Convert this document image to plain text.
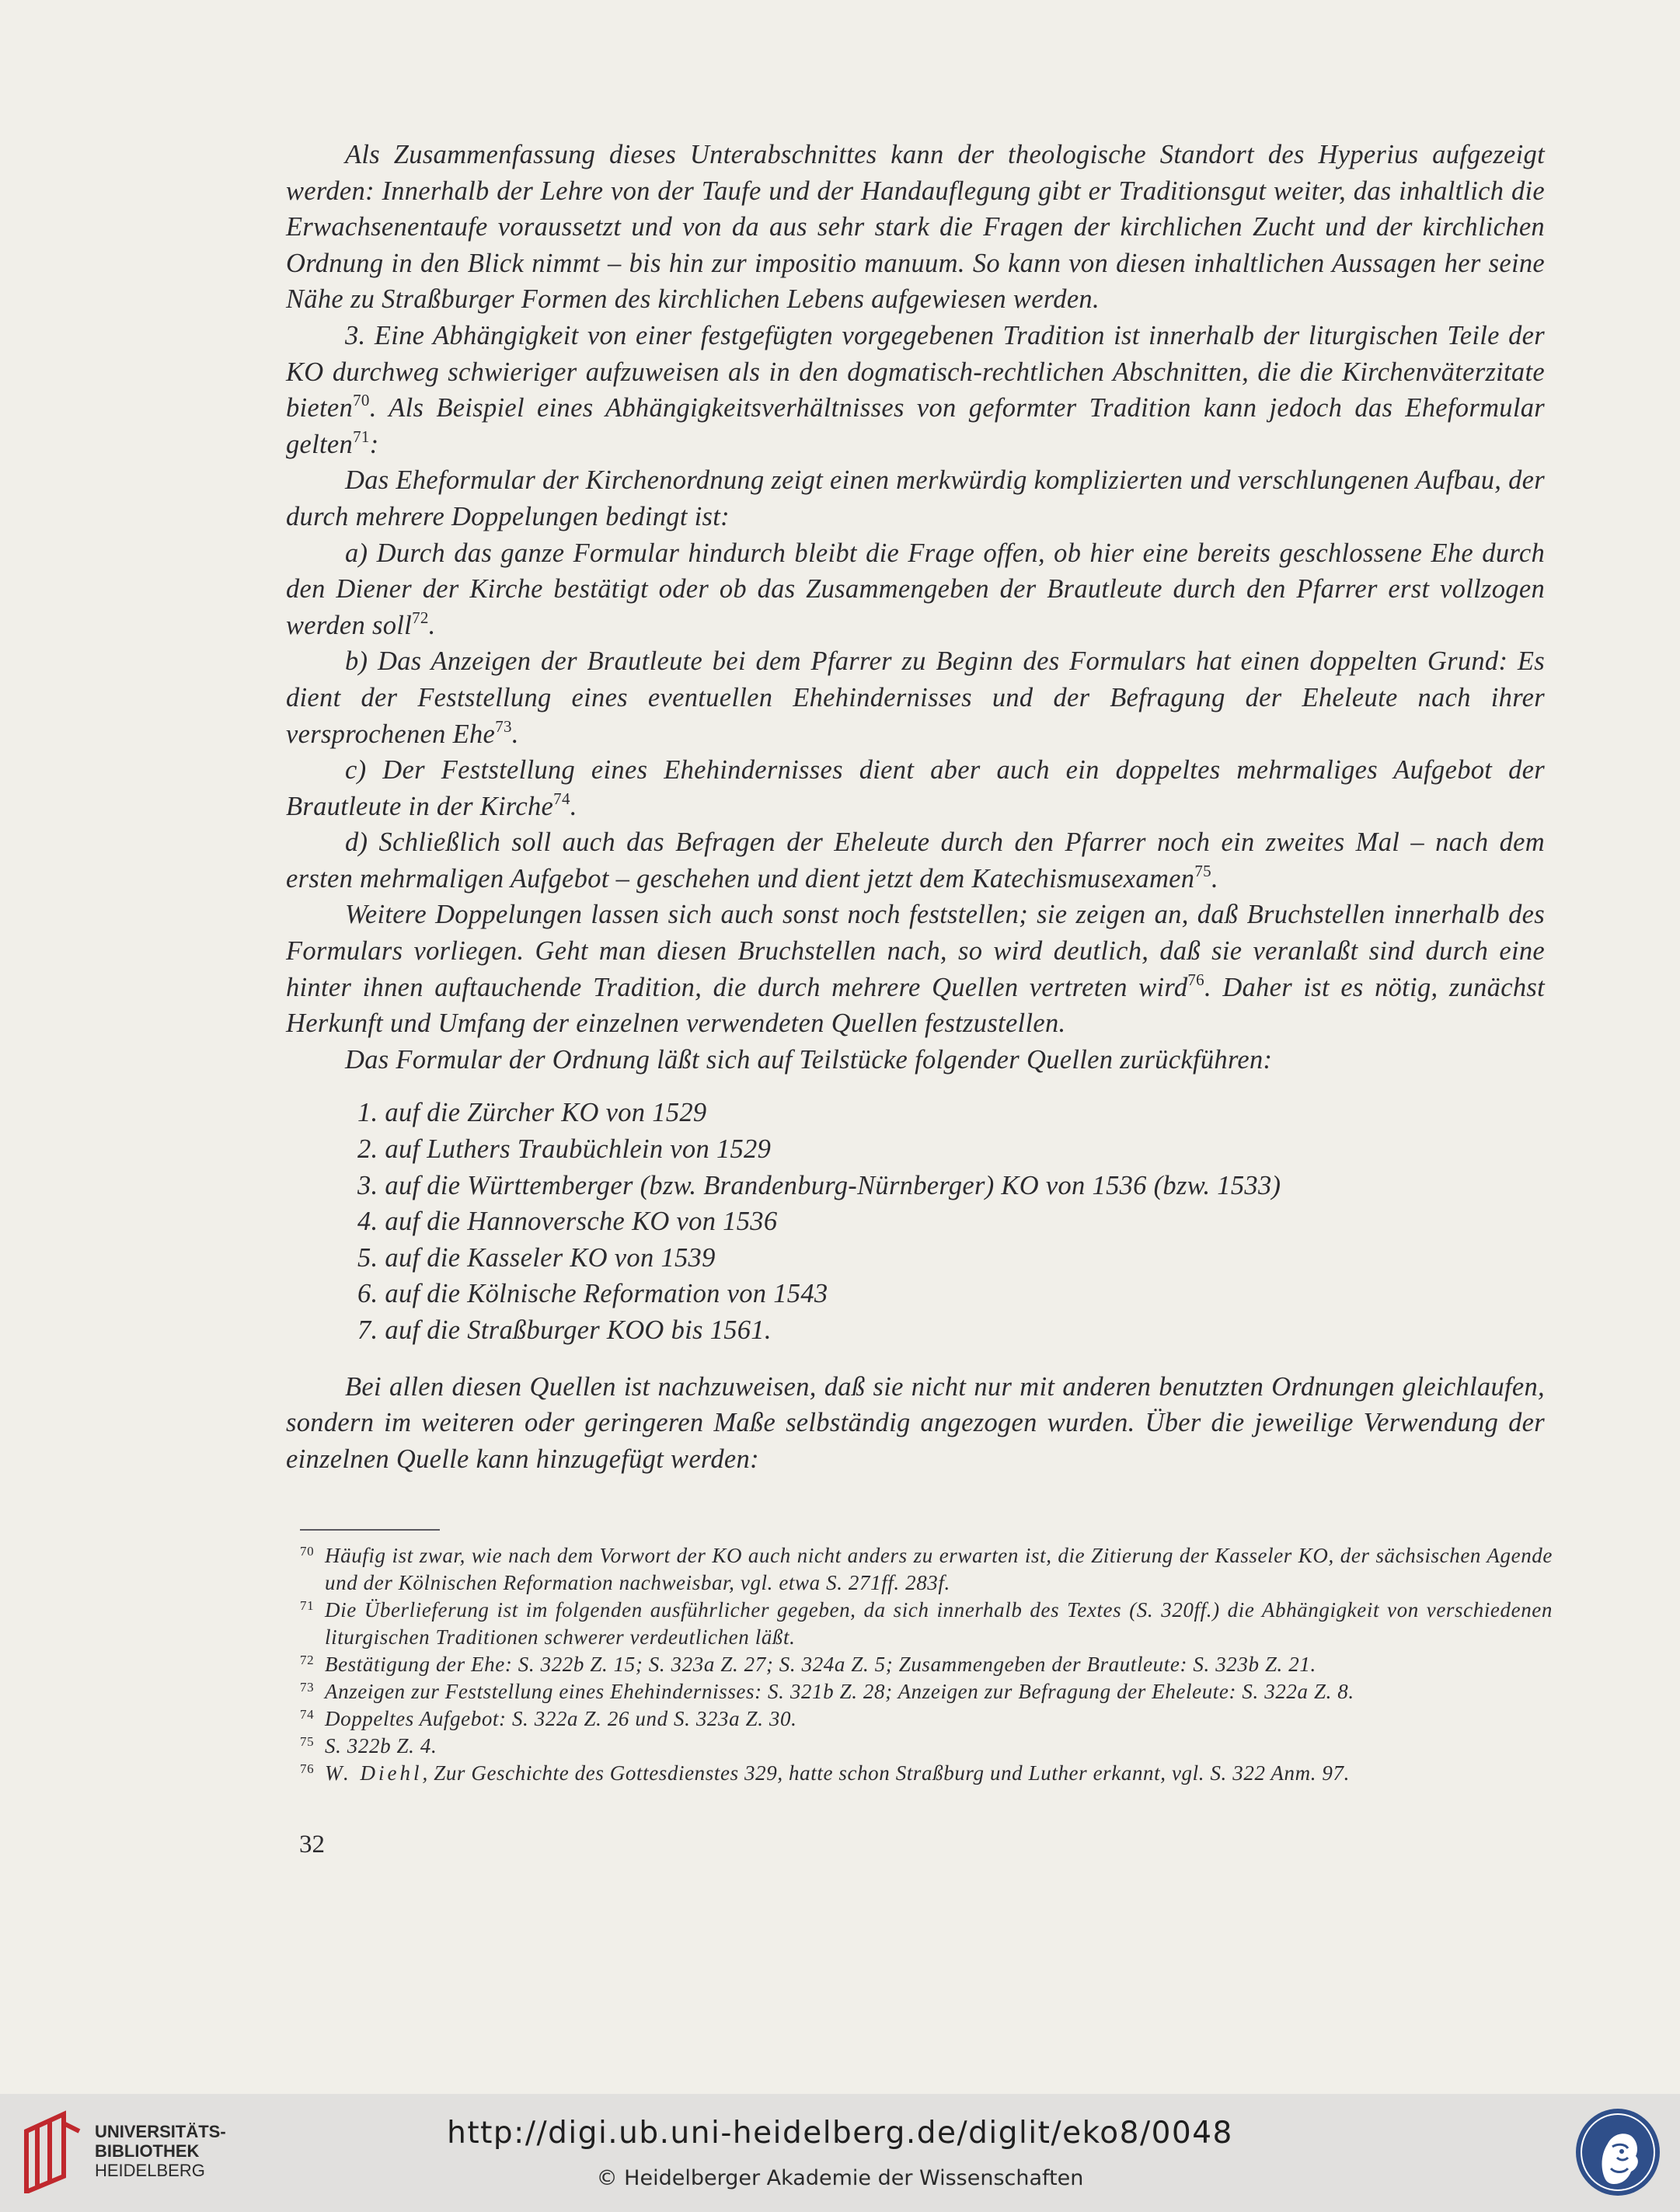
Als Zusammenfassung dieses Unterabschnittes kann der theologische Standort des Hyperius aufgezeigt werden: Innerhalb der Lehre von der Taufe und der Handauflegung gibt er Traditionsgut weiter, das inhaltlich die Erwachsenentaufe voraussetzt und von da aus sehr stark die Fragen der kirchlichen Zucht und der kirchlichen Ordnung in den Blick nimmt – bis hin zur impositio manuum. So kann von diesen inhaltlichen Aussagen her seine Nähe zu Straßburger Formen des kirchlichen Lebens aufgewiesen werden.

3. Eine Abhängigkeit von einer festgefügten vorgegebenen Tradition ist innerhalb der liturgischen Teile der KO durchweg schwieriger aufzuweisen als in den dogmatisch-rechtlichen Abschnitten, die die Kirchenväterzitate bieten$^{70}$. Als Beispiel eines Abhängigkeitsverhältnisses von geformter Tradition kann jedoch das Eheformular gelten$^{71}$:

Das Eheformular der Kirchenordnung zeigt einen merkwürdig komplizierten und verschlungenen Aufbau, der durch mehrere Doppelungen bedingt ist:

a) Durch das ganze Formular hindurch bleibt die Frage offen, ob hier eine bereits geschlossene Ehe durch den Diener der Kirche bestätigt oder ob das Zusammengeben der Brautleute durch den Pfarrer erst vollzogen werden soll$^{72}$.

b) Das Anzeigen der Brautleute bei dem Pfarrer zu Beginn des Formulars hat einen doppelten Grund: Es dient der Feststellung eines eventuellen Ehehindernisses und der Befragung der Eheleute nach ihrer versprochenen Ehe$^{73}$.

c) Der Feststellung eines Ehehindernisses dient aber auch ein doppeltes mehrmaliges Aufgebot der Brautleute in der Kirche$^{74}$.

d) Schließlich soll auch das Befragen der Eheleute durch den Pfarrer noch ein zweites Mal – nach dem ersten mehrmaligen Aufgebot – geschehen und dient jetzt dem Katechismusexamen$^{75}$.

Weitere Doppelungen lassen sich auch sonst noch feststellen; sie zeigen an, daß Bruchstellen innerhalb des Formulars vorliegen. Geht man diesen Bruchstellen nach, so wird deutlich, daß sie veranlaßt sind durch eine hinter ihnen auftauchende Tradition, die durch mehrere Quellen vertreten wird$^{76}$. Daher ist es nötig, zunächst Herkunft und Umfang der einzelnen verwendeten Quellen festzustellen.

Das Formular der Ordnung läßt sich auf Teilstücke folgender Quellen zurückführen:

1. auf die Zürcher KO von 1529
2. auf Luthers Traubüchlein von 1529
3. auf die Württemberger (bzw. Brandenburg-Nürnberger) KO von 1536 (bzw. 1533)
4. auf die Hannoversche KO von 1536
5. auf die Kasseler KO von 1539
6. auf die Kölnische Reformation von 1543
7. auf die Straßburger KOO bis 1561.

Bei allen diesen Quellen ist nachzuweisen, daß sie nicht nur mit anderen benutzten Ordnungen gleichlaufen, sondern im weiteren oder geringeren Maße selbständig angezogen wurden. Über die jeweilige Verwendung der einzelnen Quelle kann hinzugefügt werden:

70 Häufig ist zwar, wie nach dem Vorwort der KO auch nicht anders zu erwarten ist, die Zitierung der Kasseler KO, der sächsischen Agende und der Kölnischen Reformation nachweisbar, vgl. etwa S. 271ff. 283f.
71 Die Überlieferung ist im folgenden ausführlicher gegeben, da sich innerhalb des Textes (S. 320ff.) die Abhängigkeit von verschiedenen liturgischen Traditionen schwerer verdeutlichen läßt.
72 Bestätigung der Ehe: S. 322b Z. 15; S. 323a Z. 27; S. 324a Z. 5; Zusammengeben der Brautleute: S. 323b Z. 21.
73 Anzeigen zur Feststellung eines Ehehindernisses: S. 321b Z. 28; Anzeigen zur Befragung der Eheleute: S. 322a Z. 8.
74 Doppeltes Aufgebot: S. 322a Z. 26 und S. 323a Z. 30.
75 S. 322b Z. 4.
76 W. Diehl, Zur Geschichte des Gottesdienstes 329, hatte schon Straßburg und Luther erkannt, vgl. S. 322 Anm. 97.
32
UNIVERSITÄTS-
BIBLIOTHEK
HEIDELBERG
http://digi.ub.uni-heidelberg.de/diglit/eko8/0048
© Heidelberger Akademie der Wissenschaften
